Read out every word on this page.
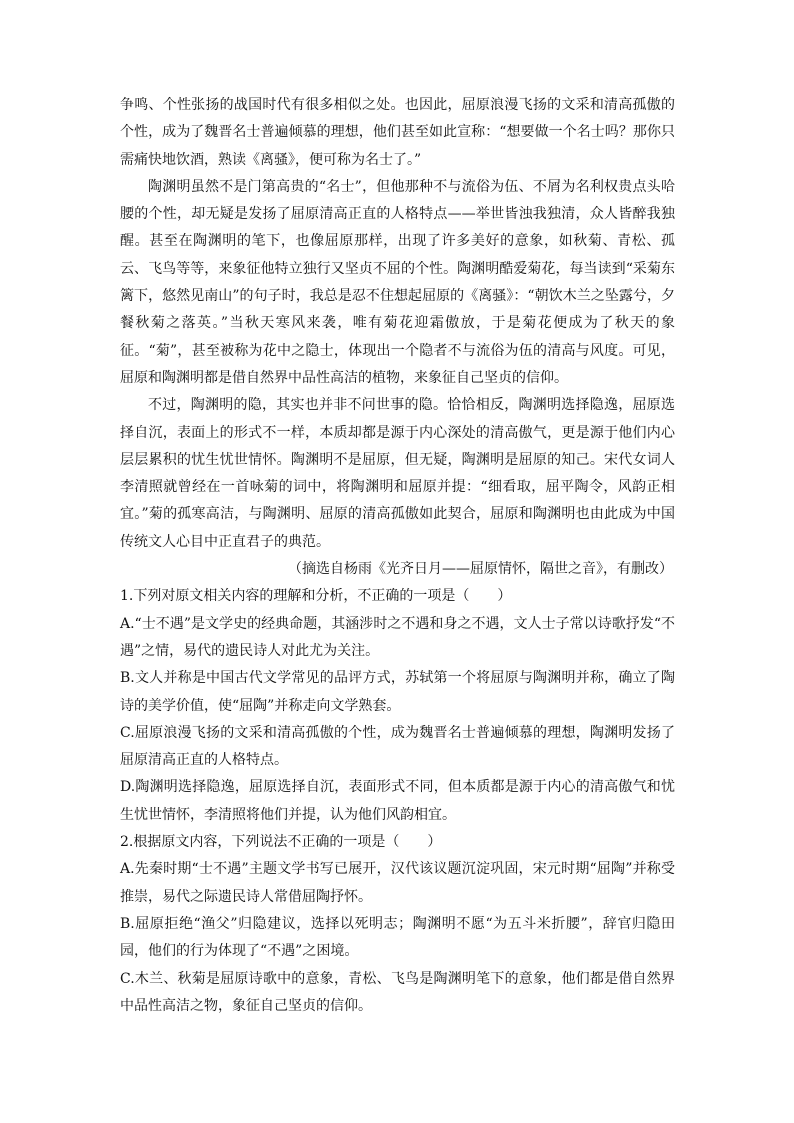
争鸣、个性张扬的战国时代有很多相似之处。也因此，屈原浪漫飞扬的文采和清高孤傲的个性，成为了魏晋名士普遍倾慕的理想，他们甚至如此宣称：“想要做一个名士吗？那你只需痛快地饮酒，熟读《离骚》，便可称为名士了。”

陶渊明虽然不是门第高贵的“名士”，但他那种不与流俗为伍、不屑为名利权贵点头哈腰的个性，却无疑是发扬了屈原清高正直的人格特点——举世皆浊我独清，众人皆醉我独醒。甚至在陶渊明的笔下，也像屈原那样，出现了许多美好的意象，如秋菊、青松、孤云、飞鸟等等，来象征他特立独行又坚贞不屈的个性。陶渊明酷爱菊花，每当读到“采菊东篱下，悠然见南山”的句子时，我总是忍不住想起屈原的《离骚》：“朝饮木兰之坠露兮，夕餐秋菊之落英。”当秋天寒风来袭，唯有菊花迎霜傲放，于是菊花便成为了秋天的象征。“菊”，甚至被称为花中之隐士，体现出一个隐者不与流俗为伍的清高与风度。可见，屈原和陶渊明都是借自然界中品性高洁的植物，来象征自己坚贞的信仰。

不过，陶渊明的隐，其实也并非不问世事的隐。恰恰相反，陶渊明选择隐逸，屈原选择自沉，表面上的形式不一样，本质却都是源于内心深处的清高傲气，更是源于他们内心层层累积的忧生忧世情怀。陶渊明不是屈原，但无疑，陶渊明是屈原的知己。宋代女词人李清照就曾经在一首咏菊的词中，将陶渊明和屈原并提：“细看取，屈平陶令，风韵正相宜。”菊的孤寒高洁，与陶渊明、屈原的清高孤傲如此契合，屈原和陶渊明也由此成为中国传统文人心目中正直君子的典范。

（摘选自杨雨《光齐日月——屈原情怀，隔世之音》，有删改）

1.下列对原文相关内容的理解和分析，不正确的一项是（　　）

A.“士不遇”是文学史的经典命题，其涵涉时之不遇和身之不遇，文人士子常以诗歌抒发“不遇”之情，易代的遗民诗人对此尤为关注。

B.文人并称是中国古代文学常见的品评方式，苏轼第一个将屈原与陶渊明并称，确立了陶诗的美学价值，使“屈陶”并称走向文学熟套。

C.屈原浪漫飞扬的文采和清高孤傲的个性，成为魏晋名士普遍倾慕的理想，陶渊明发扬了屈原清高正直的人格特点。

D.陶渊明选择隐逸，屈原选择自沉，表面形式不同，但本质都是源于内心的清高傲气和忧生忧世情怀，李清照将他们并提，认为他们风韵相宜。

2.根据原文内容，下列说法不正确的一项是（　　）

A.先秦时期“士不遇”主题文学书写已展开，汉代该议题沉淀巩固，宋元时期“屈陶”并称受推崇，易代之际遗民诗人常借屈陶抒怀。

B.屈原拒绝“渔父”归隐建议，选择以死明志；陶渊明不愿“为五斗米折腰”，辞官归隐田园，他们的行为体现了“不遇”之困境。

C.木兰、秋菊是屈原诗歌中的意象，青松、飞鸟是陶渊明笔下的意象，他们都是借自然界中品性高洁之物，象征自己坚贞的信仰。
